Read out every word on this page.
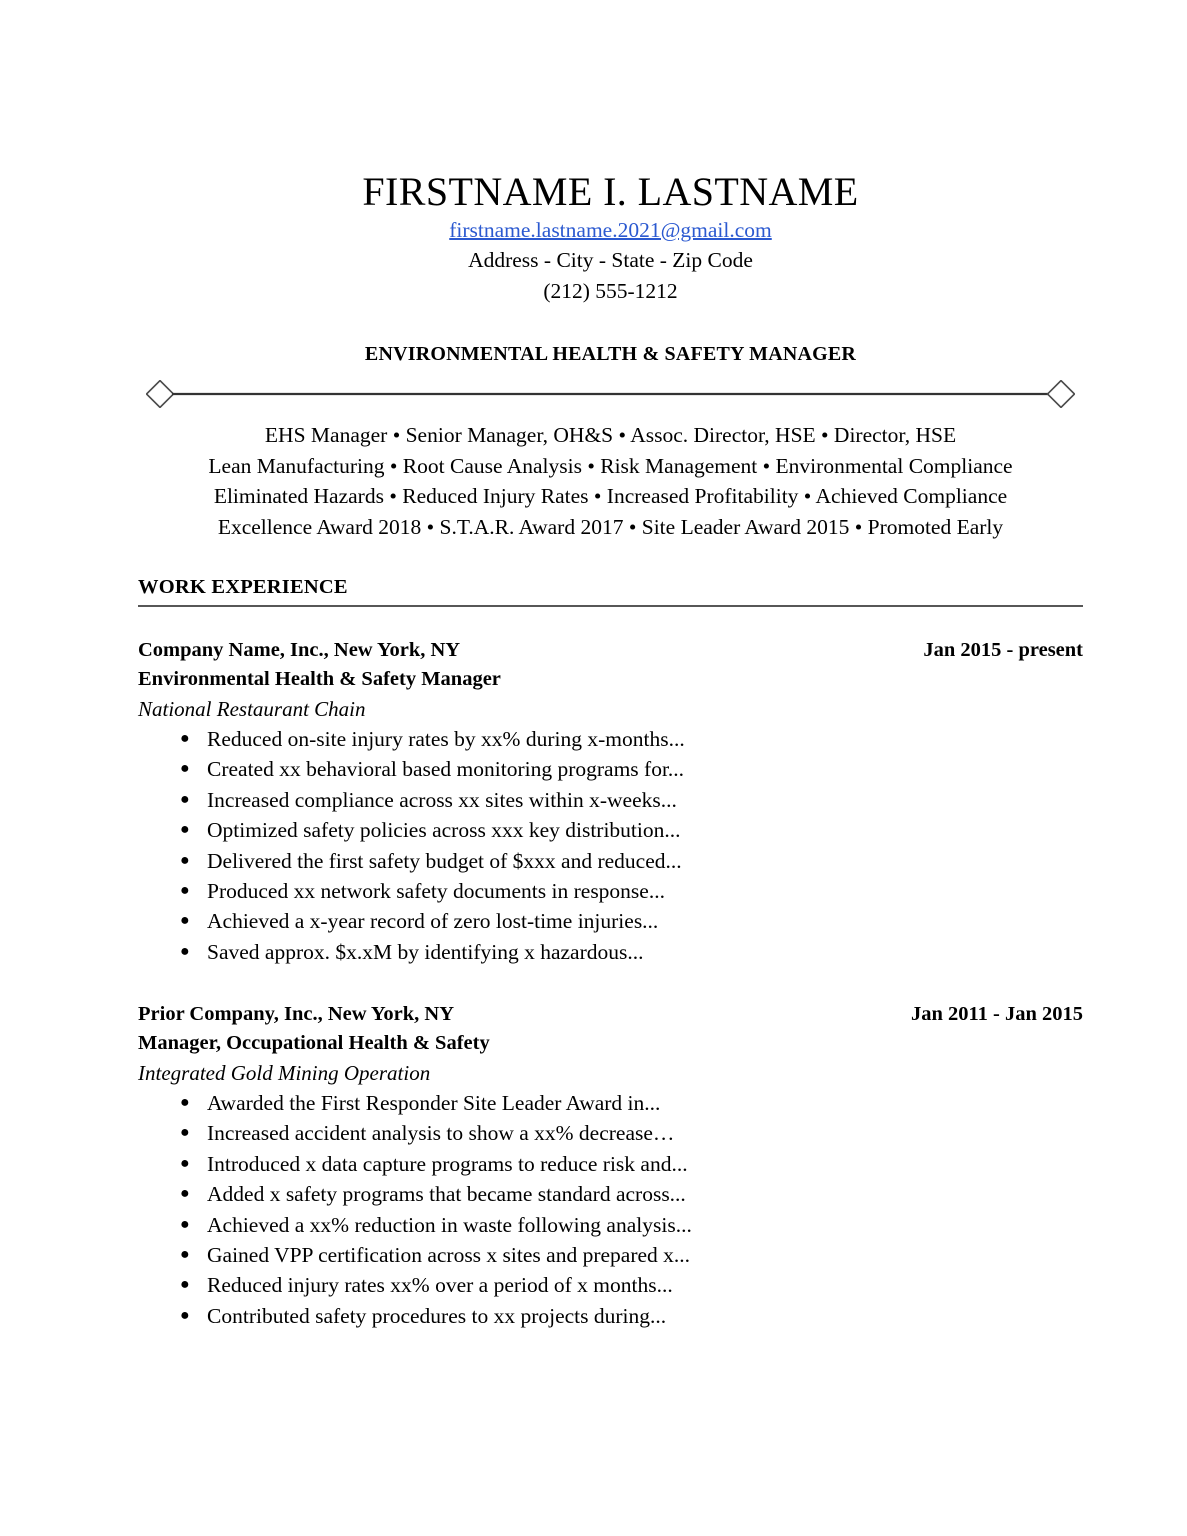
FIRSTNAME I. LASTNAME
firstname.lastname.2021@gmail.com
Address - City - State - Zip Code
(212) 555-1212
ENVIRONMENTAL HEALTH & SAFETY MANAGER
EHS Manager • Senior Manager, OH&S • Assoc. Director, HSE • Director, HSE
Lean Manufacturing • Root Cause Analysis • Risk Management • Environmental Compliance
Eliminated Hazards • Reduced Injury Rates • Increased Profitability • Achieved Compliance
Excellence Award 2018 • S.T.A.R. Award 2017 • Site Leader Award 2015 • Promoted Early
WORK EXPERIENCE
Company Name, Inc., New York, NY	Jan 2015 - present
Environmental Health & Safety Manager
National Restaurant Chain
● Reduced on-site injury rates by xx% during x-months...
● Created xx behavioral based monitoring programs for...
● Increased compliance across xx sites within x-weeks...
● Optimized safety policies across xxx key distribution...
● Delivered the first safety budget of $xxx and reduced...
● Produced xx network safety documents in response...
● Achieved a x-year record of zero lost-time injuries...
● Saved approx. $x.xM by identifying x hazardous...
Prior Company, Inc., New York, NY	Jan 2011 - Jan 2015
Manager, Occupational Health & Safety
Integrated Gold Mining Operation
● Awarded the First Responder Site Leader Award in...
● Increased accident analysis to show a xx% decrease…
● Introduced x data capture programs to reduce risk and...
● Added x safety programs that became standard across...
● Achieved a xx% reduction in waste following analysis...
● Gained VPP certification across x sites and prepared x...
● Reduced injury rates xx% over a period of x months...
● Contributed safety procedures to xx projects during...
